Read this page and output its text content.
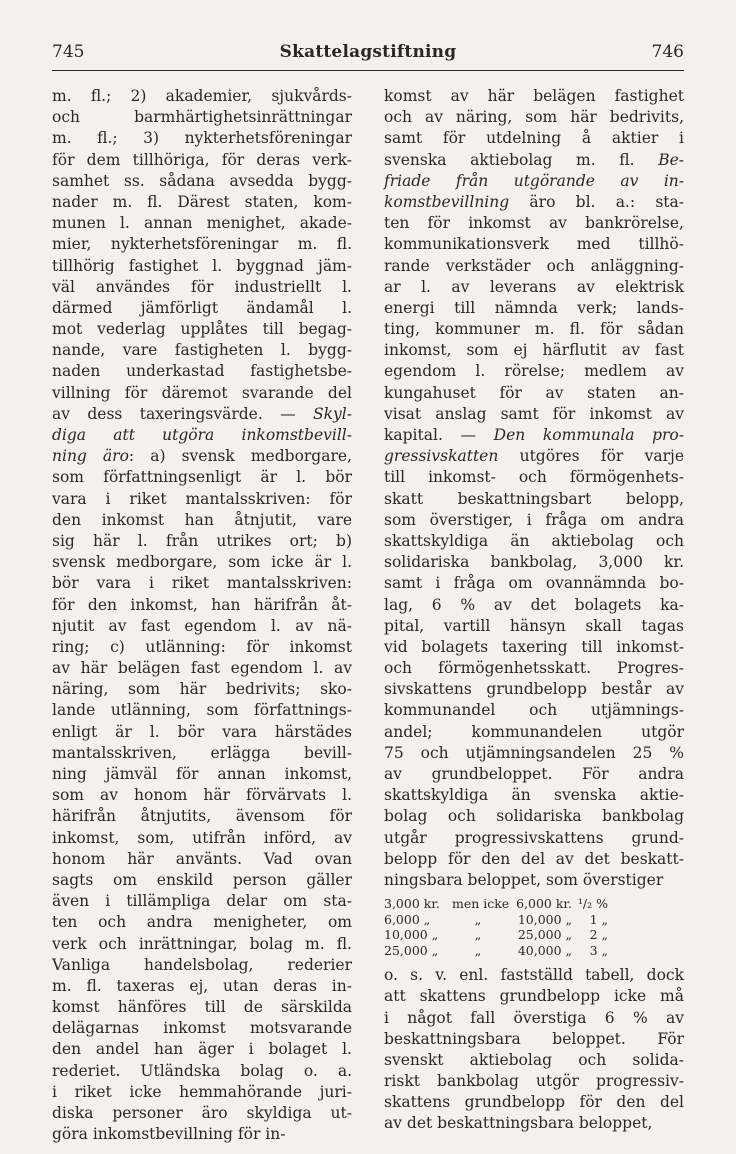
745	Skattelagstiftning	746
m. fl.; 2) akademier, sjukvårds-
och barmhärtighetsinrättningar
m. fl.; 3) nykterhetsföreningar
för dem tillhöriga, för deras verk-
samhet ss. sådana avsedda bygg-
nader m. fl. Därest staten, kom-
munen l. annan menighet, akade-
mier, nykterhetsföreningar m. fl.
tillhörig fastighet l. byggnad jäm-
väl användes för industriellt l.
därmed jämförligt ändamål l.
mot vederlag upplåtes till begag-
nande, vare fastigheten l. bygg-
naden underkastad fastighetsbe-
villning för däremot svarande del
av dess taxeringsvärde. — Skyl-
diga att utgöra inkomstbevill-
ning äro: a) svensk medborgare,
som författningsenligt är l. bör
vara i riket mantalsskriven: för
den inkomst han åtnjutit, vare
sig här l. från utrikes ort; b)
svensk medborgare, som icke är l.
bör vara i riket mantalsskriven:
för den inkomst, han härifrån åt-
njutit av fast egendom l. av nä-
ring; c) utlänning: för inkomst
av här belägen fast egendom l. av
näring, som här bedrivits; sko-
lande utlänning, som författnings-
enligt är l. bör vara härstädes
mantalsskriven, erlägga bevill-
ning jämväl för annan inkomst,
som av honom här förvärvats l.
härifrån åtnjutits, ävensom för
inkomst, som, utifrån införd, av
honom här använts. Vad ovan
sagts om enskild person gäller
även i tillämpliga delar om sta-
ten och andra menigheter, om
verk och inrättningar, bolag m. fl.
Vanliga handelsbolag, rederier
m. fl. taxeras ej, utan deras in-
komst hänföres till de särskilda
delägarnas inkomst motsvarande
den andel han äger i bolaget l.
rederiet. Utländska bolag o. a.
i riket icke hemmahörande juri-
diska personer äro skyldiga ut-
göra inkomstbevillning för in-
komst av här belägen fastighet
och av näring, som här bedrivits,
samt för utdelning å aktier i
svenska aktiebolag m. fl. Be-
friade från utgörande av in-
komstbevillning äro bl. a.: sta-
ten för inkomst av bankrörelse,
kommunikationsverk med tillhö-
rande verkstäder och anläggning-
ar l. av leverans av elektrisk
energi till nämnda verk; lands-
ting, kommuner m. fl. för sådan
inkomst, som ej härflutit av fast
egendom l. rörelse; medlem av
kungahuset för av staten an-
visat anslag samt för inkomst av
kapital. — Den kommunala pro-
gressivskatten utgöres för varje
till inkomst- och förmögenhets-
skatt beskattningsbart belopp,
som överstiger, i fråga om andra
skattskyldiga än aktiebolag och
solidariska bankbolag, 3,000 kr.
samt i fråga om ovannämnda bo-
lag, 6 % av det bolagets ka-
pital, vartill hänsyn skall tagas
vid bolagets taxering till inkomst-
och förmögenhetsskatt. Progres-
sivskattens grundbelopp består av
kommunandel och utjämnings-
andel; kommunandelen utgör
75 och utjämningsandelen 25 %
av grundbeloppet. För andra
skattskyldiga än svenska aktie-
bolag och solidariska bankbolag
utgår progressivskattens grund-
belopp för den del av det beskatt-
ningsbara beloppet, som överstiger
3,000 kr. men icke 6,000 kr. ¹/₂ %
6,000 „	„	10,000 „	1 „
10,000 „	„	25,000 „	2 „
25,000 „	„	40,000 „	3 „
o. s. v. enl. fastställd tabell, dock
att skattens grundbelopp icke må
i något fall överstiga 6 % av
beskattningsbara beloppet. För
svenskt aktiebolag och solida-
riskt bankbolag utgör progressiv-
skattens grundbelopp för den del
av det beskattningsbara beloppet,
